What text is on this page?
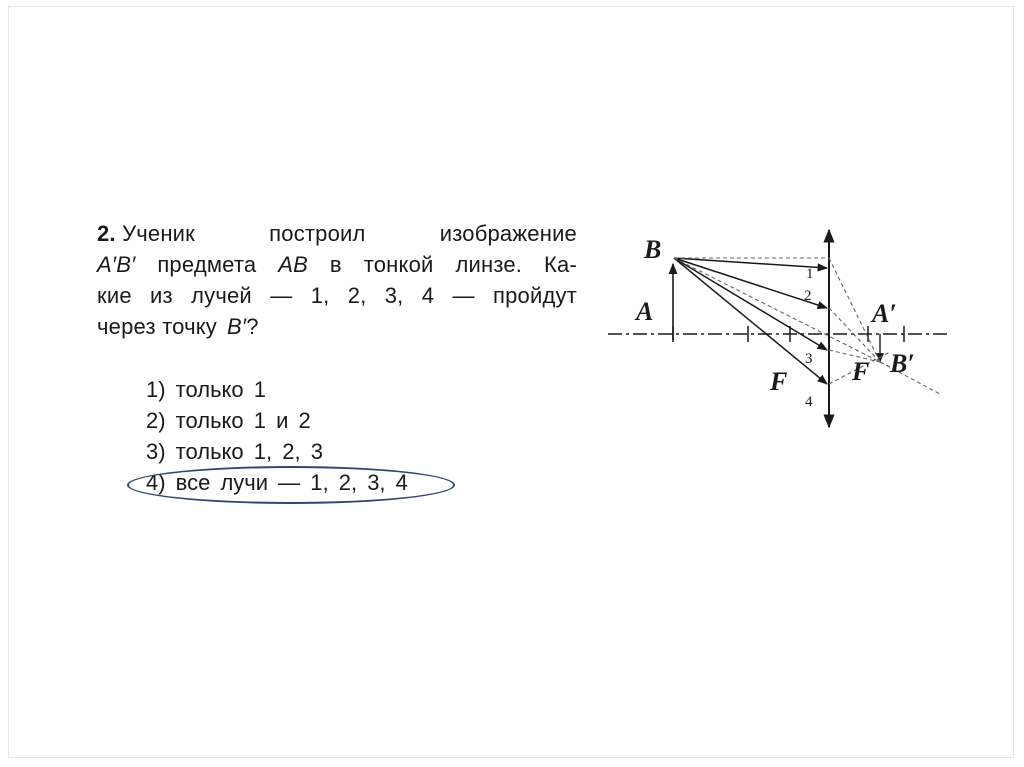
2. Ученик	построил	изображение
A′B′ предмета AB в тонкой линзе. Ка-
кие из лучей — 1, 2, 3, 4 — пройдут
через точку B′?
1) только 1
2) только 1 и 2
3) только 1, 2, 3
4) все лучи — 1, 2, 3, 4
B
A	A′
B′
F F
1
2
3
4
